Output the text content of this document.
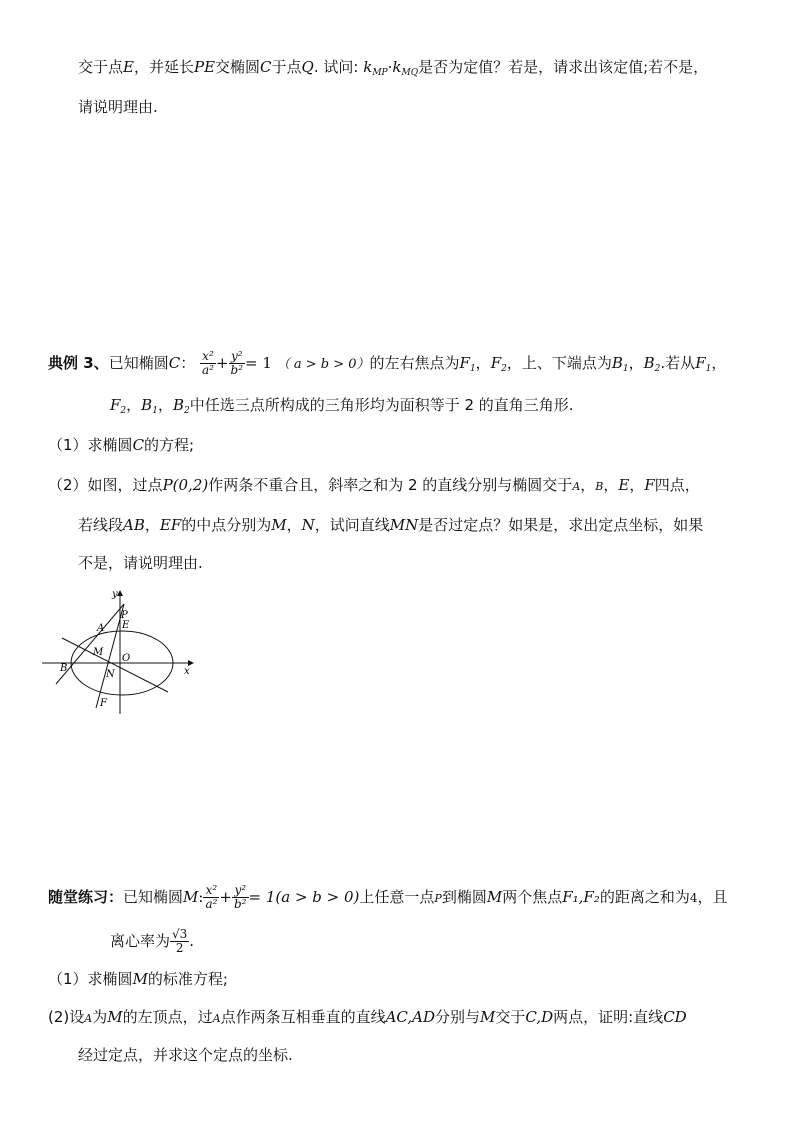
交于点E，并延长PE交椭圆C于点Q. 试问: $k_{MP}\cdot k_{MQ}$是否为定值？若是，请求出该定值;若不是，
请说明理由.
典例 3、已知椭圆C： $\frac{\text{x²}}{\text{a²}} + \frac{\text{y²}}{\text{b²}} = 1$ （ a > b > 0）的左右焦点为$F_1$，$F_2$，上、下端点为$B_1$，$B_2$.若从$F_1$，
$F_2$，$B_1$，$B_2$中任选三点所构成的三角形均为面积等于 2 的直角三角形.
（1）求椭圆C的方程;
（2）如图，过点P(0,2)作两条不重合且，斜率之和为 2 的直线分别与椭圆交于A，B，E，F四点，
若线段AB，EF的中点分别为M，N，试问直线MN是否过定点？如果是，求出定点坐标，如果
不是，请说明理由.
y
x
P
E
A
M
O
B
N
F
随堂练习：已知椭圆M: $\frac{\text{x²}}{\text{a²}} + \frac{\text{y²}}{\text{b²}} = 1(a > b > 0)$上任意一点P到椭圆M两个焦点F₁,F₂的距离之和为4，且
离心率为 $\frac{√3}{2}$ .
（1）求椭圆M的标准方程;
(2)设A为M的左顶点，过A点作两条互相垂直的直线AC,AD分别与M交于C,D两点，证明:直线CD
经过定点，并求这个定点的坐标.
